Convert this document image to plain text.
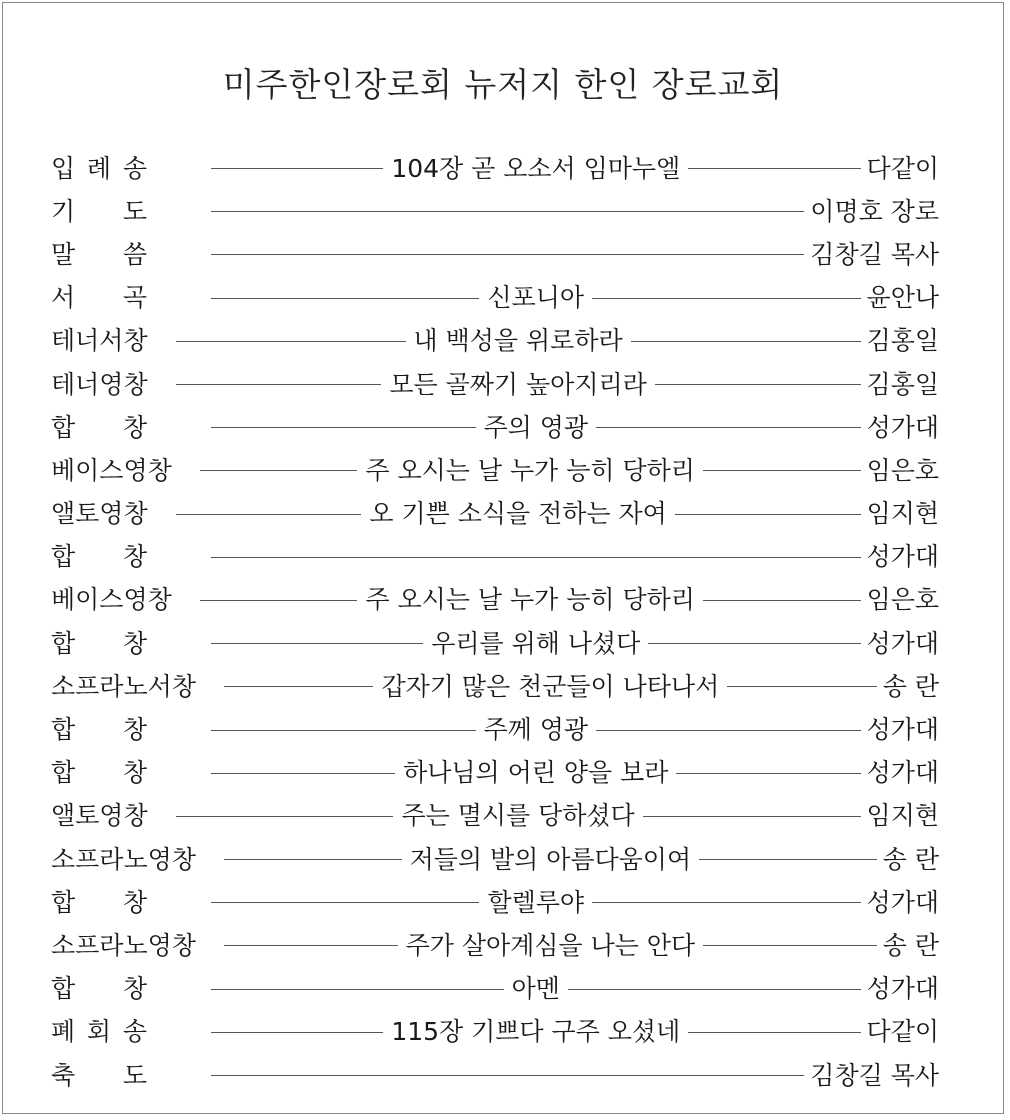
미주한인장로회 뉴저지 한인 장로교회
입 례 송	104장 곧 오소서 임마누엘	다같이
기 도	이명호 장로
말 씀	김창길 목사
서 곡	신포니아	윤안나
테너서창	내 백성을 위로하라	김홍일
테너영창	모든 골짜기 높아지리라	김홍일
합 창	주의 영광	성가대
베이스영창	주 오시는 날 누가 능히 당하리	임은호
앨토영창	오 기쁜 소식을 전하는 자여	임지현
합 창	성가대
베이스영창	주 오시는 날 누가 능히 당하리	임은호
합 창	우리를 위해 나셨다	성가대
소프라노서창	갑자기 많은 천군들이 나타나서	송 란
합 창	주께 영광	성가대
합 창	하나님의 어린 양을 보라	성가대
앨토영창	주는 멸시를 당하셨다	임지현
소프라노영창	저들의 발의 아름다움이여	송 란
합 창	할렐루야	성가대
소프라노영창	주가 살아계심을 나는 안다	송 란
합 창	아멘	성가대
폐 회 송	115장 기쁘다 구주 오셨네	다같이
축 도	김창길 목사
